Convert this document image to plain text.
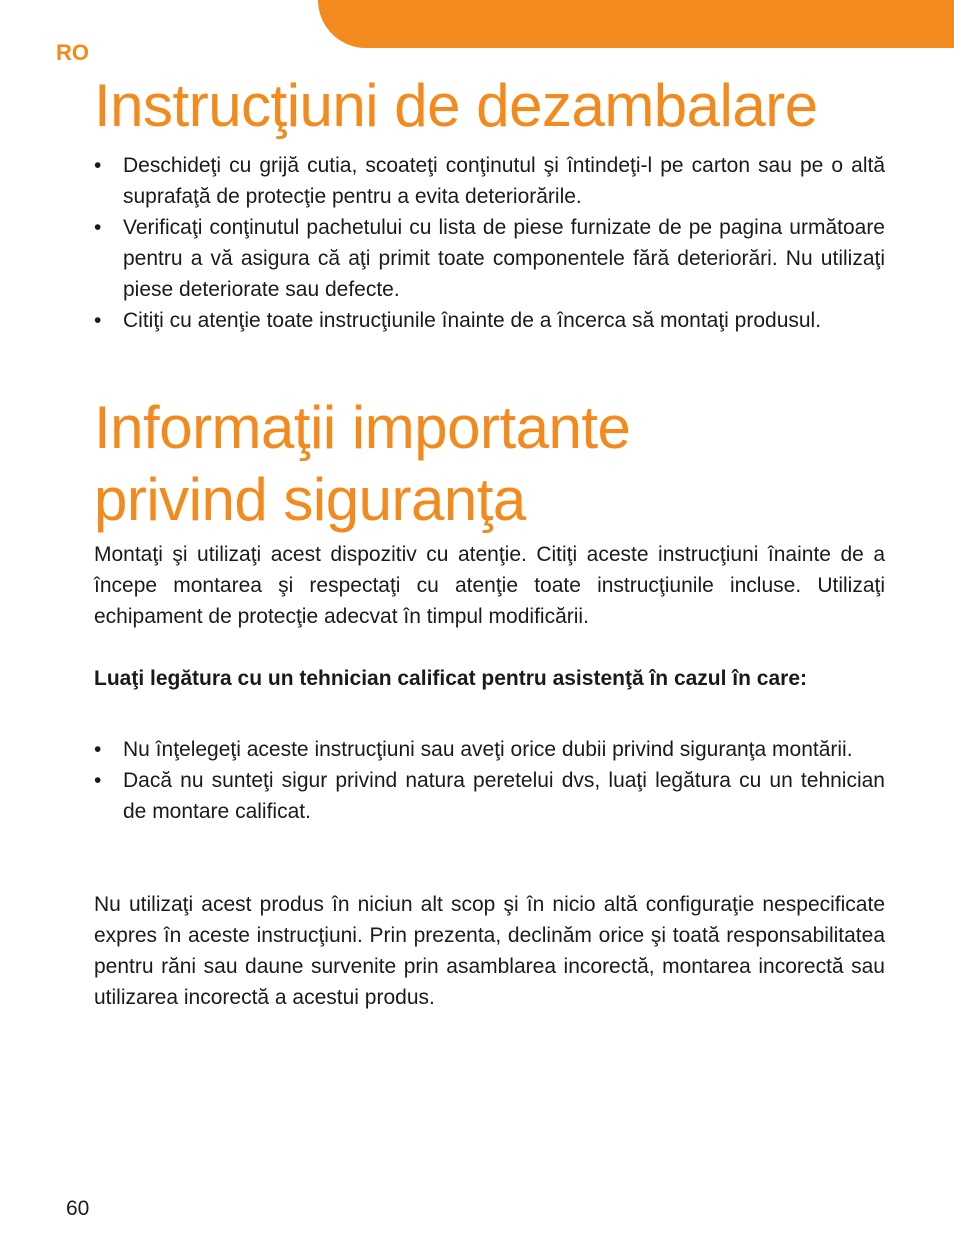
RO
Instrucţiuni de dezambalare
• Deschideţi cu grijă cutia, scoateţi conţinutul şi întindeţi-l pe carton sau pe o altă suprafaţă de protecţie pentru a evita deteriorările.
• Verificaţi conţinutul pachetului cu lista de piese furnizate de pe pagina următoare pentru a vă asigura că aţi primit toate componentele fără deteriorări. Nu utilizaţi piese deteriorate sau defecte.
• Citiţi cu atenţie toate instrucţiunile înainte de a încerca să montaţi produsul.
Informaţii importante privind siguranţa

Montaţi şi utilizaţi acest dispozitiv cu atenţie. Citiţi aceste instrucţiuni înainte de a începe montarea şi respectaţi cu atenţie toate instrucţiunile incluse. Utilizaţi echipament de protecţie adecvat în timpul modificării.

Luaţi legătura cu un tehnician calificat pentru asistenţă în cazul în care:

• Nu înţelegeţi aceste instrucţiuni sau aveţi orice dubii privind siguranţa montării.
• Dacă nu sunteţi sigur privind natura peretelui dvs, luaţi legătura cu un tehnician de montare calificat.

Nu utilizaţi acest produs în niciun alt scop şi în nicio altă configuraţie nespecificate expres în aceste instrucţiuni. Prin prezenta, declinăm orice şi toată responsabilitatea pentru răni sau daune survenite prin asamblarea incorectă, montarea incorectă sau utilizarea incorectă a acestui produs.

60
